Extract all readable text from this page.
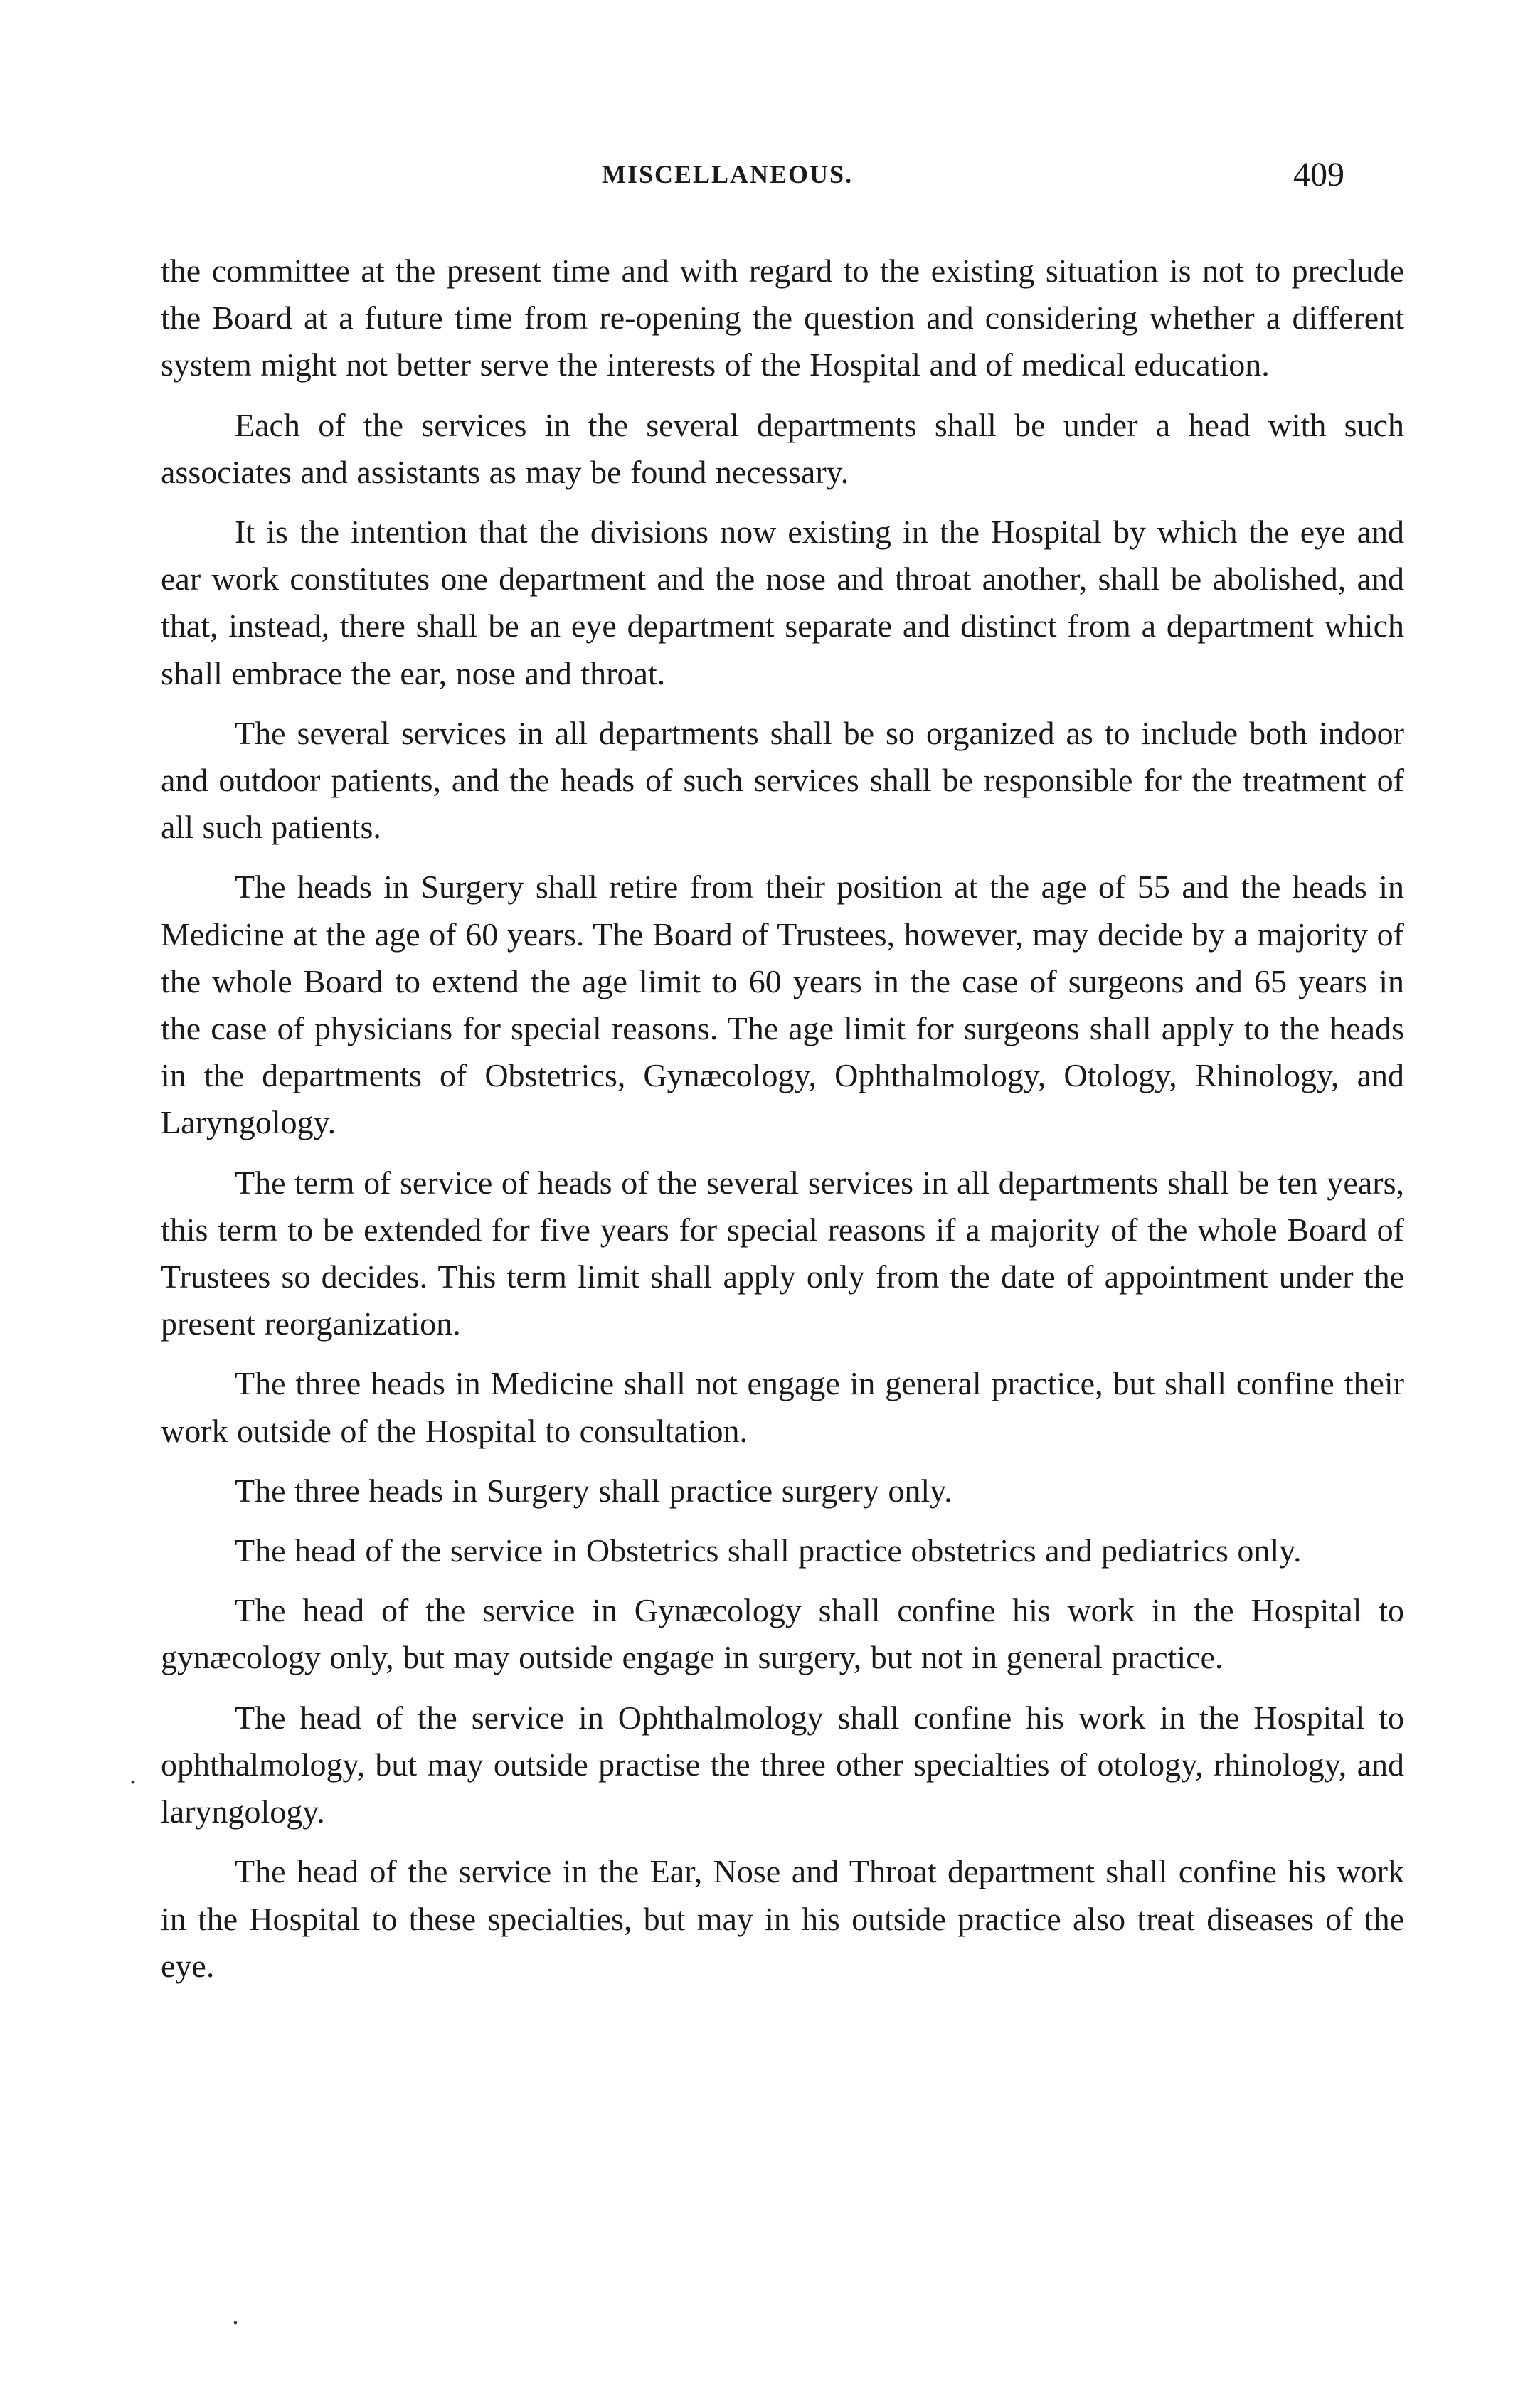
MISCELLANEOUS.	409

the committee at the present time and with regard to the existing situation is not to preclude the Board at a future time from re-opening the question and considering whether a different system might not better serve the interests of the Hospital and of medical education.

Each of the services in the several departments shall be under a head with such associates and assistants as may be found necessary.

It is the intention that the divisions now existing in the Hospital by which the eye and ear work constitutes one department and the nose and throat another, shall be abolished, and that, instead, there shall be an eye department separate and distinct from a department which shall embrace the ear, nose and throat.

The several services in all departments shall be so organized as to include both indoor and outdoor patients, and the heads of such services shall be responsible for the treatment of all such patients.

The heads in Surgery shall retire from their position at the age of 55 and the heads in Medicine at the age of 60 years. The Board of Trustees, however, may decide by a majority of the whole Board to extend the age limit to 60 years in the case of surgeons and 65 years in the case of physicians for special reasons. The age limit for surgeons shall apply to the heads in the departments of Obstetrics, Gynæcology, Ophthalmology, Otology, Rhinology, and Laryngology.

The term of service of heads of the several services in all departments shall be ten years, this term to be extended for five years for special reasons if a majority of the whole Board of Trustees so decides. This term limit shall apply only from the date of appointment under the present reorganization.

The three heads in Medicine shall not engage in general practice, but shall confine their work outside of the Hospital to consultation.

The three heads in Surgery shall practice surgery only.

The head of the service in Obstetrics shall practice obstetrics and pediatrics only.

The head of the service in Gynæcology shall confine his work in the Hospital to gynæcology only, but may outside engage in surgery, but not in general practice.

The head of the service in Ophthalmology shall confine his work in the Hospital to ophthalmology, but may outside practise the three other specialties of otology, rhinology, and laryngology.

The head of the service in the Ear, Nose and Throat department shall confine his work in the Hospital to these specialties, but may in his outside practice also treat diseases of the eye.

.
.
